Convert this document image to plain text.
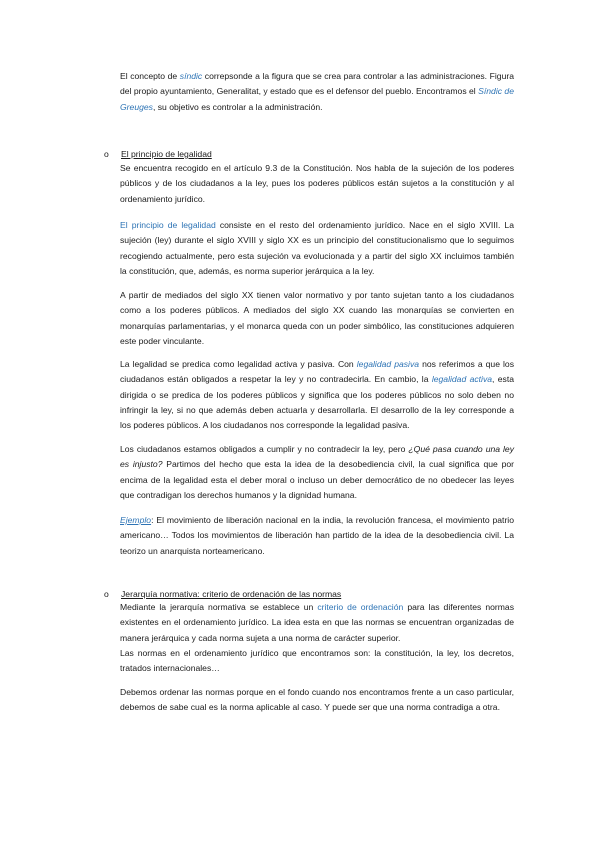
El concepto de síndic correpsonde a la figura que se crea para controlar a las administraciones. Figura del propio ayuntamiento, Generalitat, y estado que es el defensor del pueblo. Encontramos el Síndic de Greuges, su objetivo es controlar a la administración.

o El principio de legalidad

Se encuentra recogido en el artículo 9.3 de la Constitución. Nos habla de la sujeción de los poderes públicos y de los ciudadanos a la ley, pues los poderes públicos están sujetos a la constitución y al ordenamiento jurídico.

El principio de legalidad consiste en el resto del ordenamiento jurídico. Nace en el siglo XVIII. La sujeción (ley) durante el siglo XVIII y siglo XX es un principio del constitucionalismo que lo seguimos recogiendo actualmente, pero esta sujeción va evolucionada y a partir del siglo XX incluimos también la constitución, que, además, es norma superior jerárquica a la ley.

A partir de mediados del siglo XX tienen valor normativo y por tanto sujetan tanto a los ciudadanos como a los poderes públicos. A mediados del siglo XX cuando las monarquías se convierten en monarquías parlamentarias, y el monarca queda con un poder simbólico, las constituciones adquieren este poder vinculante.

La legalidad se predica como legalidad activa y pasiva. Con legalidad pasiva nos referimos a que los ciudadanos están obligados a respetar la ley y no contradecirla. En cambio, la legalidad activa, esta dirigida o se predica de los poderes públicos y significa que los poderes públicos no solo deben no infringir la ley, si no que además deben actuarla y desarrollarla. El desarrollo de la ley corresponde a los poderes públicos. A los ciudadanos nos corresponde la legalidad pasiva.

Los ciudadanos estamos obligados a cumplir y no contradecir la ley, pero ¿Qué pasa cuando una ley es injusto? Partimos del hecho que esta la idea de la desobediencia civil, la cual significa que por encima de la legalidad esta el deber moral o incluso un deber democrático de no obedecer las leyes que contradigan los derechos humanos y la dignidad humana.

Ejemplo: El movimiento de liberación nacional en la india, la revolución francesa, el movimiento patrio americano… Todos los movimientos de liberación han partido de la idea de la desobediencia civil. La teorizo un anarquista norteamericano.

o Jerarquía normativa: criterio de ordenación de las normas

Mediante la jerarquía normativa se establece un criterio de ordenación para las diferentes normas existentes en el ordenamiento jurídico. La idea esta en que las normas se encuentran organizadas de manera jerárquica y cada norma sujeta a una norma de carácter superior.

Las normas en el ordenamiento jurídico que encontramos son: la constitución, la ley, los decretos, tratados internacionales…

Debemos ordenar las normas porque en el fondo cuando nos encontramos frente a un caso particular, debemos de sabe cual es la norma aplicable al caso. Y puede ser que una norma contradiga a otra.
